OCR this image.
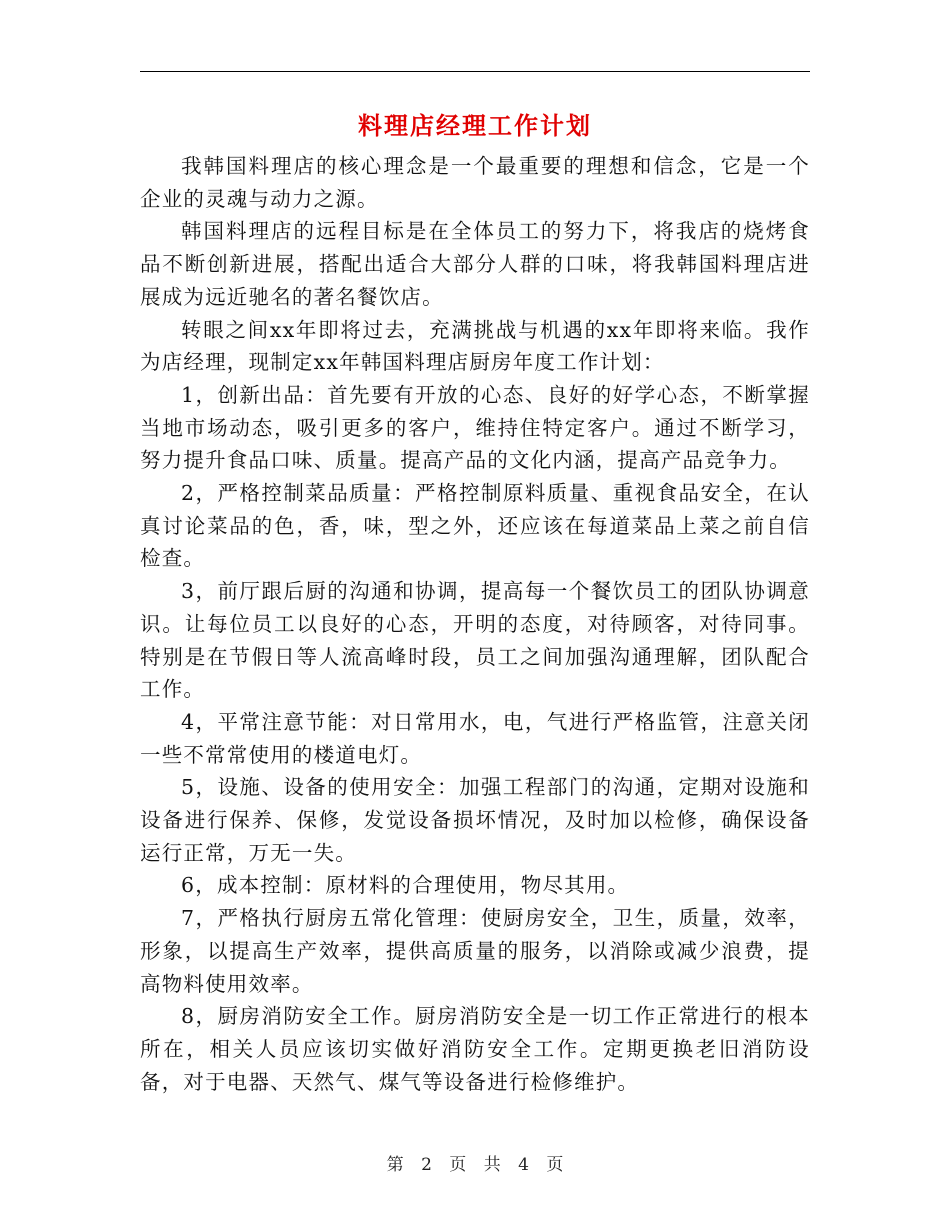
料理店经理工作计划

我韩国料理店的核心理念是一个最重要的理想和信念，它是一个企业的灵魂与动力之源。

韩国料理店的远程目标是在全体员工的努力下，将我店的烧烤食品不断创新进展，搭配出适合大部分人群的口味，将我韩国料理店进展成为远近驰名的著名餐饮店。

转眼之间xx年即将过去，充满挑战与机遇的xx年即将来临。我作为店经理，现制定xx年韩国料理店厨房年度工作计划：

1，创新出品：首先要有开放的心态、良好的好学心态，不断掌握当地市场动态，吸引更多的客户，维持住特定客户。通过不断学习，努力提升食品口味、质量。提高产品的文化内涵，提高产品竞争力。

2，严格控制菜品质量：严格控制原料质量、重视食品安全，在认真讨论菜品的色，香，味，型之外，还应该在每道菜品上菜之前自信检查。

3，前厅跟后厨的沟通和协调，提高每一个餐饮员工的团队协调意识。让每位员工以良好的心态，开明的态度，对待顾客，对待同事。特别是在节假日等人流高峰时段，员工之间加强沟通理解，团队配合工作。

4，平常注意节能：对日常用水，电，气进行严格监管，注意关闭一些不常常使用的楼道电灯。

5，设施、设备的使用安全：加强工程部门的沟通，定期对设施和设备进行保养、保修，发觉设备损坏情况，及时加以检修，确保设备运行正常，万无一失。

6，成本控制：原材料的合理使用，物尽其用。

7，严格执行厨房五常化管理：使厨房安全，卫生，质量，效率，形象，以提高生产效率，提供高质量的服务，以消除或减少浪费，提高物料使用效率。

8，厨房消防安全工作。厨房消防安全是一切工作正常进行的根本所在，相关人员应该切实做好消防安全工作。定期更换老旧消防设备，对于电器、天然气、煤气等设备进行检修维护。

第 2 页 共 4 页
